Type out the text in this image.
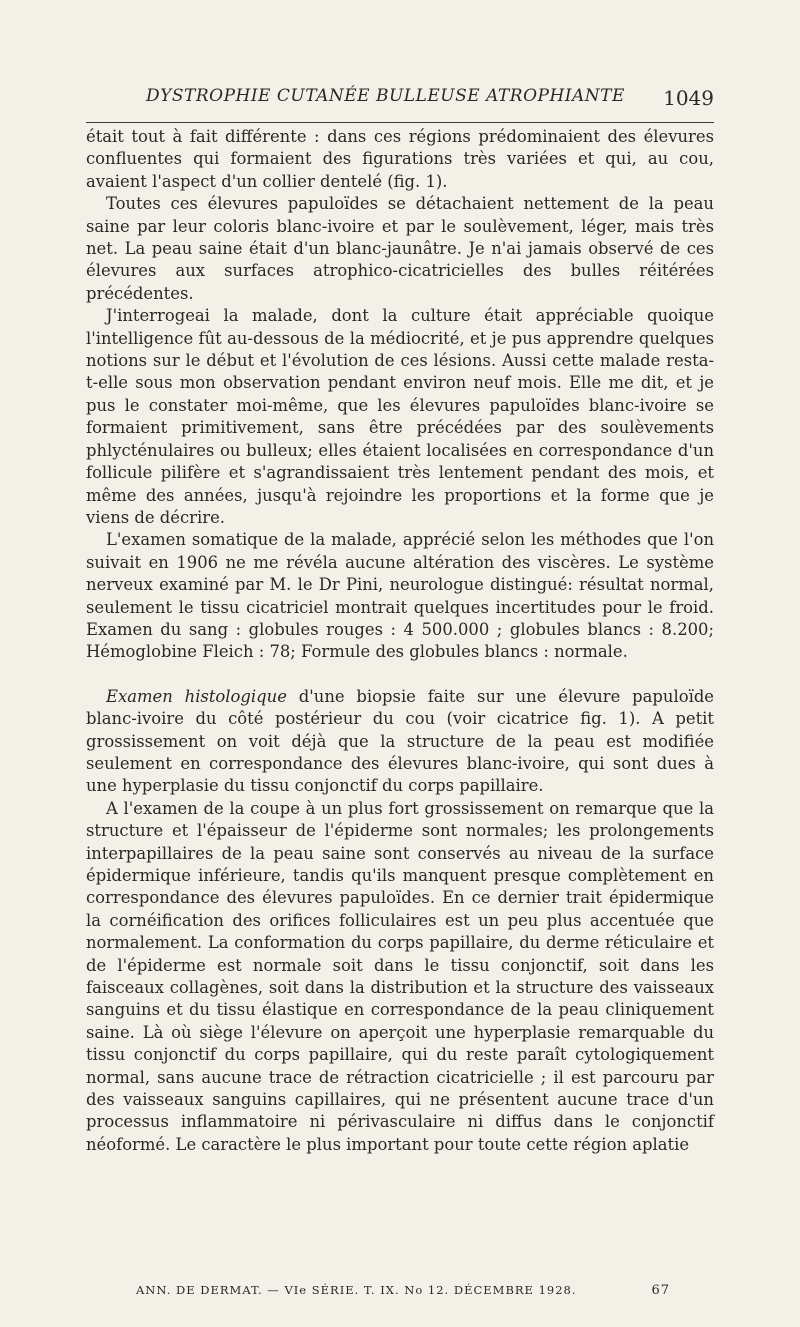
DYSTROPHIE CUTANÉE BULLEUSE ATROPHIANTE 1049

était tout à fait différente : dans ces régions prédominaient des élevures confluentes qui formaient des figurations très variées et qui, au cou, avaient l'aspect d'un collier dentelé (fig. 1).

Toutes ces élevures papuloïdes se détachaient nettement de la peau saine par leur coloris blanc-ivoire et par le soulèvement, léger, mais très net. La peau saine était d'un blanc-jaunâtre. Je n'ai jamais observé de ces élevures aux surfaces atrophico-cicatricielles des bulles réitérées précédentes.

J'interrogeai la malade, dont la culture était appréciable quoique l'intelligence fût au-dessous de la médiocrité, et je pus apprendre quelques notions sur le début et l'évolution de ces lésions. Aussi cette malade resta-t-elle sous mon observation pendant environ neuf mois. Elle me dit, et je pus le constater moi-même, que les élevures papuloïdes blanc-ivoire se formaient primitivement, sans être précédées par des soulèvements phlycténulaires ou bulleux; elles étaient localisées en correspondance d'un follicule pilifère et s'agrandissaient très lentement pendant des mois, et même des années, jusqu'à rejoindre les proportions et la forme que je viens de décrire.

L'examen somatique de la malade, apprécié selon les méthodes que l'on suivait en 1906 ne me révéla aucune altération des viscères. Le système nerveux examiné par M. le Dr Pini, neurologue distingué: résultat normal, seulement le tissu cicatriciel montrait quelques incertitudes pour le froid. Examen du sang : globules rouges : 4 500.000 ; globules blancs : 8.200; Hémoglobine Fleich : 78; Formule des globules blancs : normale.

Examen histologique d'une biopsie faite sur une élevure papuloïde blanc-ivoire du côté postérieur du cou (voir cicatrice fig. 1). A petit grossissement on voit déjà que la structure de la peau est modifiée seulement en correspondance des élevures blanc-ivoire, qui sont dues à une hyperplasie du tissu conjonctif du corps papillaire.

A l'examen de la coupe à un plus fort grossissement on remarque que la structure et l'épaisseur de l'épiderme sont normales; les prolongements interpapillaires de la peau saine sont conservés au niveau de la surface épidermique inférieure, tandis qu'ils manquent presque complètement en correspondance des élevures papuloïdes. En ce dernier trait épidermique la cornéification des orifices folliculaires est un peu plus accentuée que normalement. La conformation du corps papillaire, du derme réticulaire et de l'épiderme est normale soit dans le tissu conjonctif, soit dans les faisceaux collagènes, soit dans la distribution et la structure des vaisseaux sanguins et du tissu élastique en correspondance de la peau cliniquement saine. Là où siège l'élevure on aperçoit une hyperplasie remarquable du tissu conjonctif du corps papillaire, qui du reste paraît cytologiquement normal, sans aucune trace de rétraction cicatricielle ; il est parcouru par des vaisseaux sanguins capillaires, qui ne présentent aucune trace d'un processus inflammatoire ni périvasculaire ni diffus dans le conjonctif néoformé. Le caractère le plus important pour toute cette région aplatie

ANN. DE DERMAT. — VIe SÉRIE. T. IX. No 12. DÉCEMBRE 1928.	67
